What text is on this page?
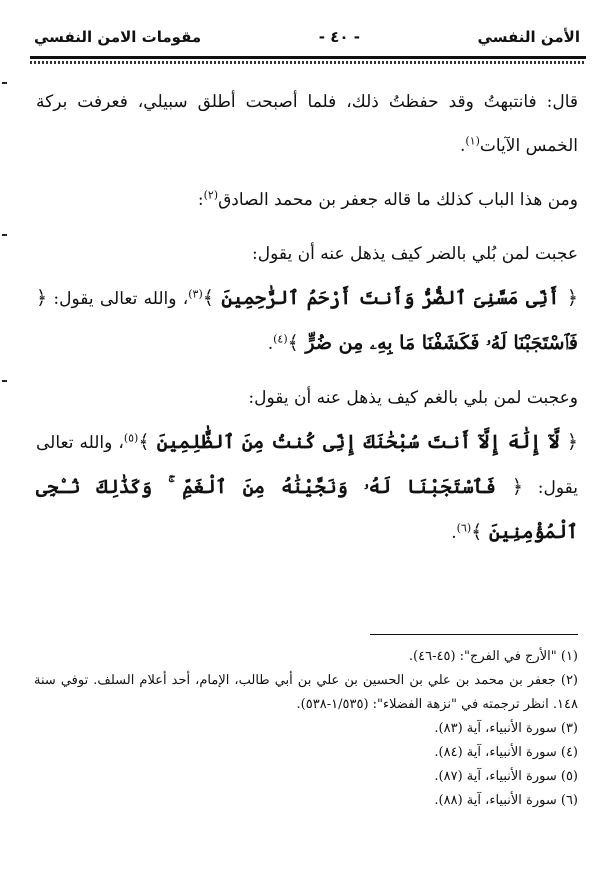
مقومات الامن النفسي	- ٤٠ -	الأمن النفسي

قال: فانتبهتُ وقد حفظتُ ذلك، فلما أصبحت أطلق سبيلي، فعرفت بركة الخمس الآيات$^{(١)}$.

ومن هذا الباب كذلك ما قاله جعفر بن محمد الصادق$^{(٢)}$:

عجبت لمن بُلي بالضر كيف يذهل عنه أن يقول:

﴿ أَنِّى مَسَّنِىَ ٱلضُّرُّ وَأَنتَ أَرْحَمُ ٱلرَّٰحِمِينَ ﴾$^{(٣)}$، والله تعالى يقول: ﴿ فَٱسْتَجَبْنَا لَهُۥ فَكَشَفْنَا مَا بِهِۦ مِن ضُرٍّ ﴾$^{(٤)}$.

وعجبت لمن بلي بالغم كيف يذهل عنه أن يقول:

﴿ لَّآ إِلَٰهَ إِلَّآ أَنتَ سُبْحَٰنَكَ إِنِّى كُنتُ مِنَ ٱلظَّٰلِمِينَ ﴾$^{(٥)}$، والله تعالى يقول: ﴿ فَٱسْتَجَبْنَا لَهُۥ وَنَجَّيْنَٰهُ مِنَ ٱلْغَمِّ ۚ وَكَذَٰلِكَ نُـۨجِى ٱلْمُؤْمِنِينَ ﴾$^{(٦)}$.

(١) "الأرج في الفرج": (٤٥-٤٦).

(٢) جعفر بن محمد بن علي بن الحسين بن علي بن أبي طالب، الإمام، أحد أعلام السلف. توفي سنة ١٤٨. انظر ترجمته في "نزهة الفضلاء": (١/٥٣٥-٥٣٨).

(٣) سورة الأنبياء، آية (٨٣).

(٤) سورة الأنبياء، آية (٨٤).

(٥) سورة الأنبياء، آية (٨٧).

(٦) سورة الأنبياء، آية (٨٨).
